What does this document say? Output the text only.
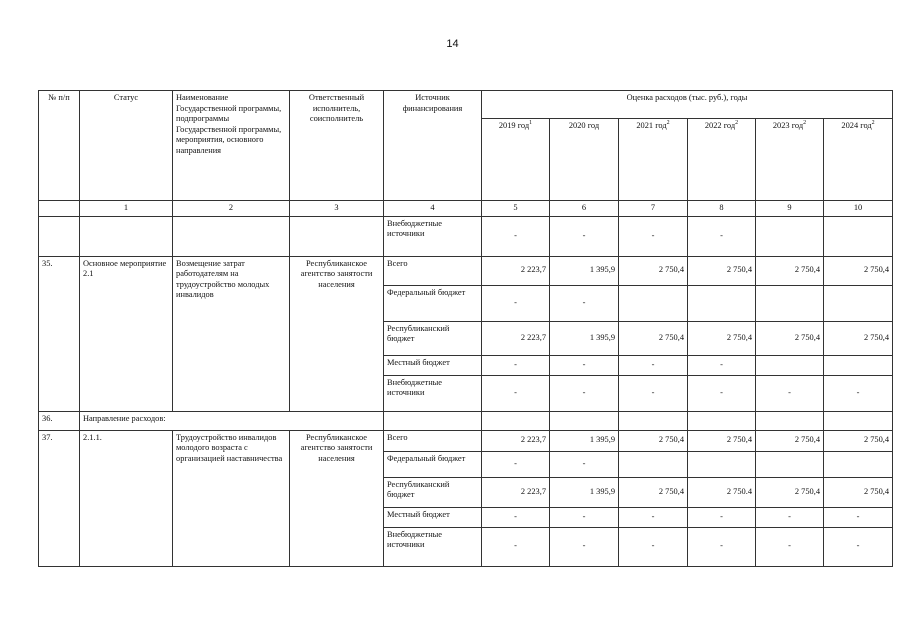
14
№ п/п	Статус	Наименование Государственной программы, подпрограммы Государственной программы, мероприятия, основного направления	Ответственный исполнитель, соисполнитель	Источник финансирования	Оценка расходов (тыс. руб.), годы					
					2019 год$^1$	2020 год	2021 год$^2$	2022 год$^2$	2023 год$^2$	2024 год$^2$
	1	2	3	4	5	6	7	8	9	10
				Внебюджетные источники	-	-	-	-		
35.	Основное мероприятие 2.1	Возмещение затрат работодателям на трудоустройство молодых инвалидов	Республиканское агентство занятости населения	Всего	2 223,7	1 395,9	2 750,4	2 750,4	2 750,4	2 750,4
				Федеральный бюджет	-	-				
				Республиканский бюджет	2 223,7	1 395,9	2 750,4	2 750,4	2 750,4	2 750,4
				Местный бюджет	-	-	-	-		
				Внебюджетные источники	-	-	-	-	-	-
36.	Направление расходов:									
37.	2.1.1.	Трудоустройство инвалидов молодого возраста с организацией наставничества	Республиканское агентство занятости населения	Всего	2 223,7	1 395,9	2 750,4	2 750,4	2 750,4	2 750,4
				Федеральный бюджет	-	-				
				Республиканский бюджет	2 223,7	1 395,9	2 750,4	2 750.4	2 750,4	2 750,4
				Местный бюджет	-	-	-	-	-	-
				Внебюджетные источники	-	-	-	-	-	-
